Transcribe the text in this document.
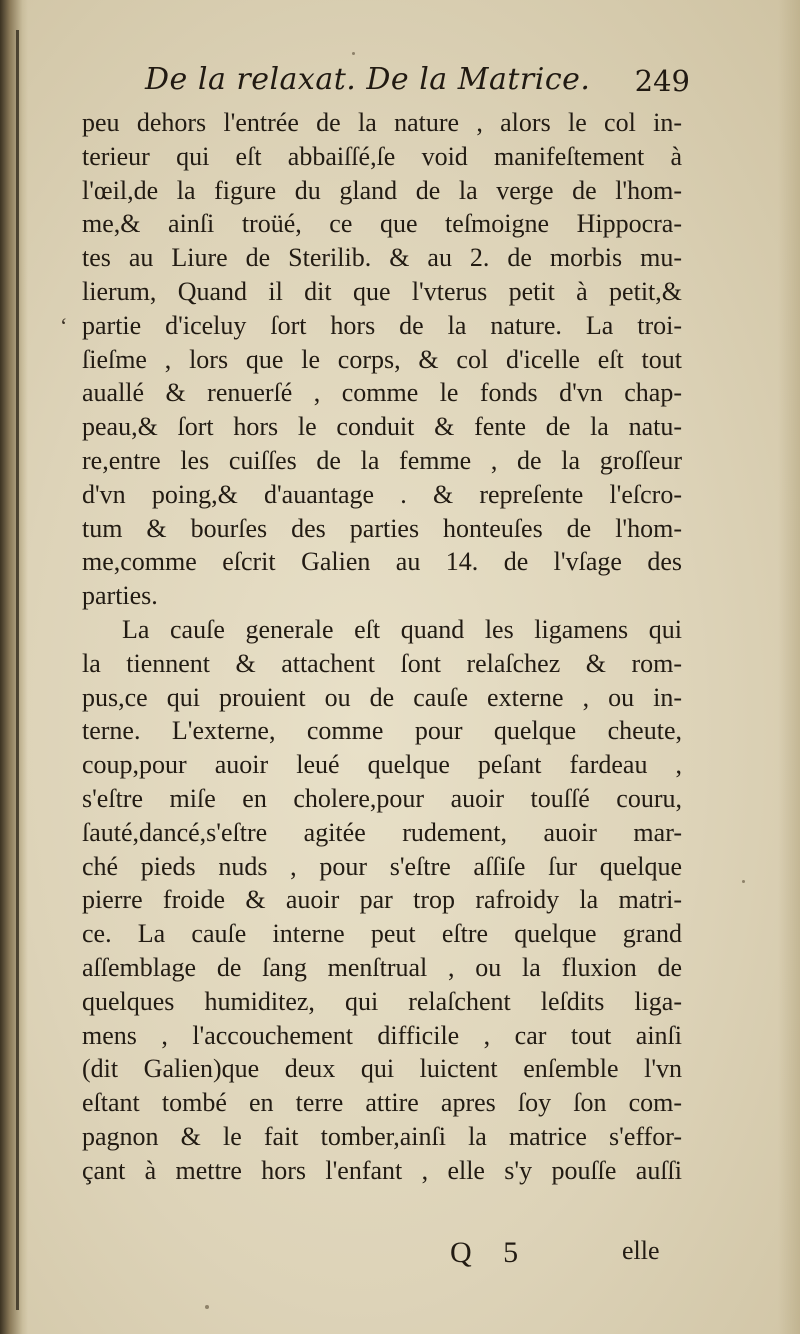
De la relaxat. De la Matrice. 249
‘
peu dehors l'entrée de la nature , alors le col in-
terieur qui eſt abbaiſſé,ſe void manifeſtement à
l'œil,de la figure du gland de la verge de l'hom-
me,& ainſi troüé, ce que teſmoigne Hippocra-
tes au Liure de Sterilib. & au 2. de morbis mu-
lierum, Quand il dit que l'vterus petit à petit,&
partie d'iceluy ſort hors de la nature. La troi-
ſieſme , lors que le corps, & col d'icelle eſt tout
auallé & renuerſé , comme le fonds d'vn chap-
peau,& ſort hors le conduit & fente de la natu-
re,entre les cuiſſes de la femme , de la groſſeur
d'vn poing,& d'auantage . & repreſente l'eſcro-
tum & bourſes des parties honteuſes de l'hom-
me,comme eſcrit Galien au 14. de l'vſage des
parties.
La cauſe generale eſt quand les ligamens qui
la tiennent & attachent ſont relaſchez & rom-
pus,ce qui prouient ou de cauſe externe , ou in-
terne. L'externe, comme pour quelque cheute,
coup,pour auoir leué quelque peſant fardeau ,
s'eſtre miſe en cholere,pour auoir touſſé couru,
ſauté,dancé,s'eſtre agitée rudement, auoir mar-
ché pieds nuds , pour s'eſtre aſſiſe ſur quelque
pierre froide & auoir par trop rafroidy la matri-
ce. La cauſe interne peut eſtre quelque grand
aſſemblage de ſang menſtrual , ou la fluxion de
quelques humiditez, qui relaſchent leſdits liga-
mens , l'accouchement difficile , car tout ainſi
(dit Galien)que deux qui luictent enſemble l'vn
eſtant tombé en terre attire apres ſoy ſon com-
pagnon & le fait tomber,ainſi la matrice s'effor-
çant à mettre hors l'enfant , elle s'y pouſſe auſſi
Q 5	elle
